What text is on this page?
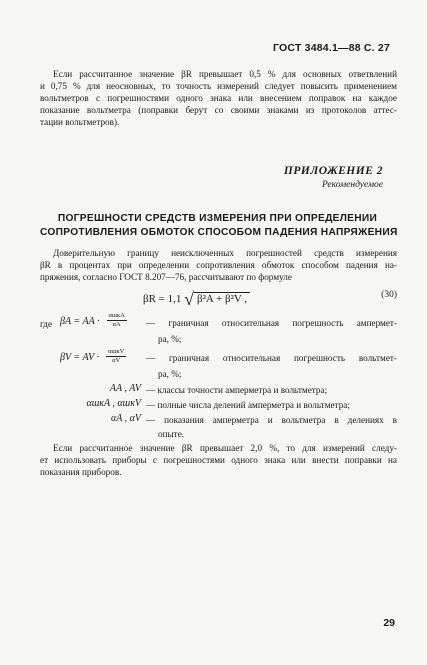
ГОСТ 3484.1—88 С. 27
Если рассчитанное значение βR превышает 0,5 % для основных ответвлений
и 0,75 % для неосновных, то точность измерений следует повысить применением
вольтметров с погрешностями одного знака или внесением поправок на каждое
показание вольтметра (поправки берут со своими знаками из протоколов аттес-
тации вольтметров).
ПРИЛОЖЕНИЕ 2
Рекомендуемое
ПОГРЕШНОСТИ СРЕДСТВ ИЗМЕРЕНИЯ ПРИ ОПРЕДЕЛЕНИИ
СОПРОТИВЛЕНИЯ ОБМОТОК СПОСОБОМ ПАДЕНИЯ НАПРЯЖЕНИЯ
Доверительную границу неисключенных погрешностей средств измерения
βR в процентах при определении сопротивления обмоток способом падения на-
пряжения, согласно ГОСТ 8.207—76, рассчитывают по формуле
βR = 1,1 √ β²A + β²V ,	(30)
где βA = AA · $\frac{\text{αшкA}}{\alpha A}$ — граничная относительная погрешность ампермет-
ра, %;
βV = AV · $\frac{\text{αшкV}}{\alpha V}$ — граничная относительная погрешность вольтмет-
ра, %;
AA , AV — классы точности амперметра и вольтметра;
αшкA , αшкV — полные числа делений амперметра и вольтметра;
αA , αV — показания амперметра и вольтметра в делениях в
опыте.
Если рассчитанное значение βR превышает 2,0 %, то для измерений следу-
ет использовать приборы с погрешностями одного знака или внести поправки на
показания приборов.
29
